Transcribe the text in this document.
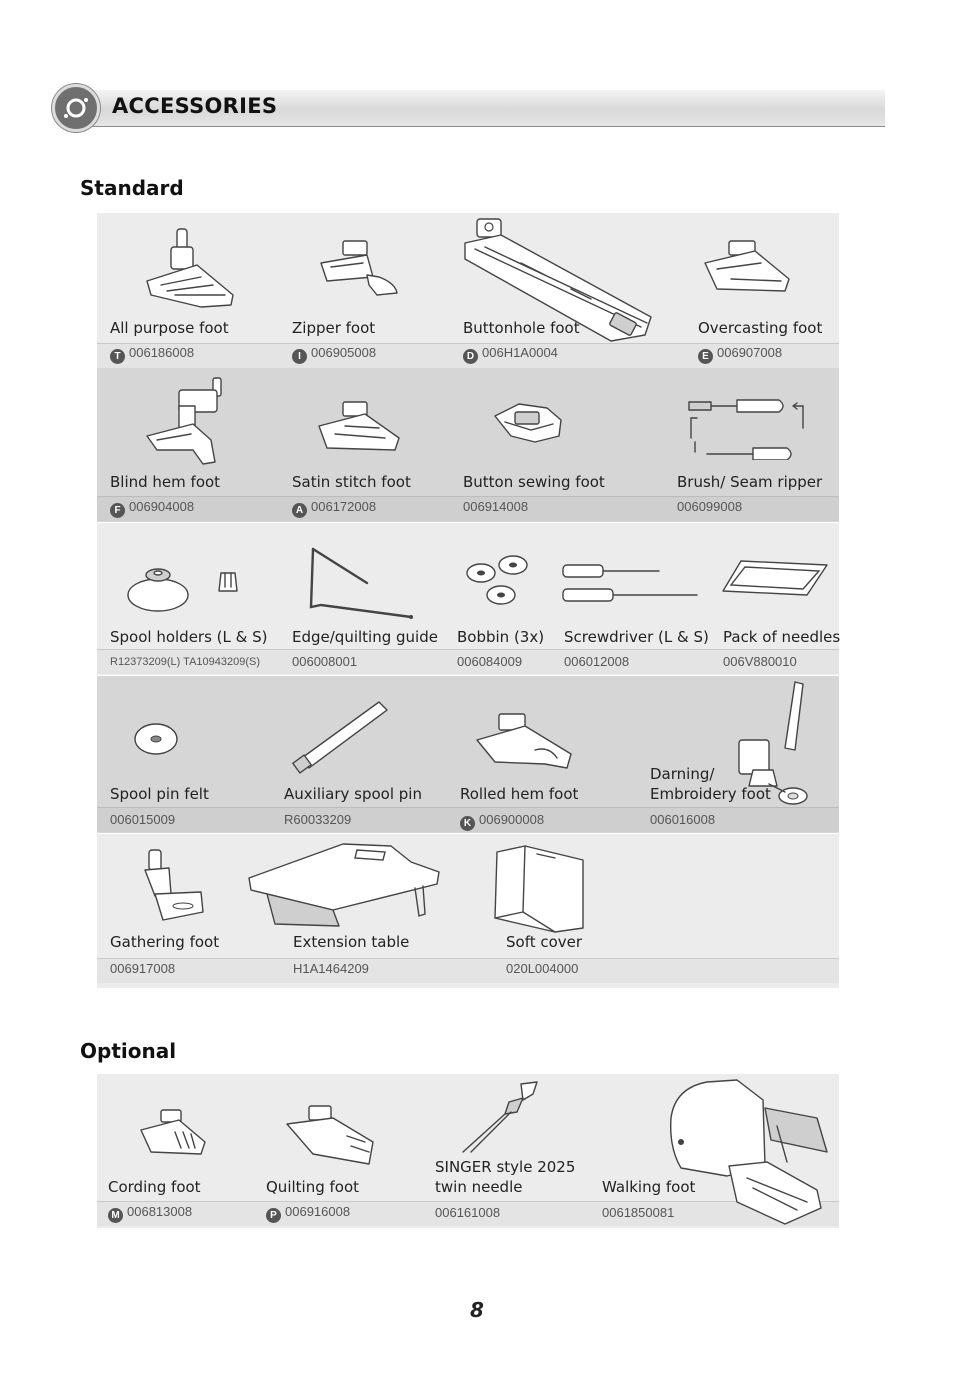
ACCESSORIES
Standard
All purpose foot
T 006186008
Zipper foot
I 006905008
Buttonhole foot
D 006H1A0004
Overcasting foot
E 006907008
Blind hem foot
F 006904008
Satin stitch foot
A 006172008
Button sewing foot
006914008
Brush/ Seam ripper
006099008
Spool holders (L & S)
R12373209(L) TA10943209(S)
Edge/quilting guide
006008001
Bobbin (3x)
006084009
Screwdriver (L & S)
006012008
Pack of needles
006V880010
Spool pin felt
006015009
Auxiliary spool pin
R60033209
Rolled hem foot
K 006900008
Darning/
Embroidery foot
006016008
Gathering foot
006917008
Extension table
H1A1464209
Soft cover
020L004000
Optional
Cording foot
M 006813008
Quilting foot
P 006916008
SINGER style 2025
twin needle
006161008
Walking foot
0061850081
8
